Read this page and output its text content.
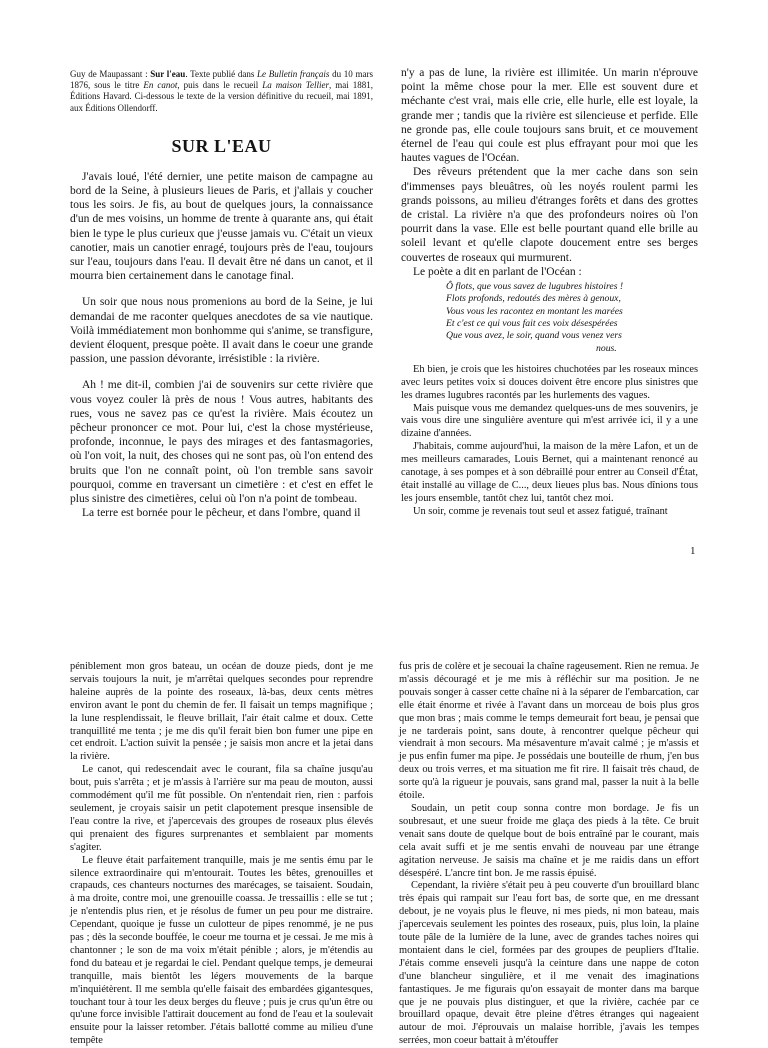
Guy de Maupassant : Sur l'eau. Texte publié dans Le Bulletin français du 10 mars 1876, sous le titre En canot, puis dans le recueil La maison Tellier, mai 1881, Éditions Havard. Ci-dessous le texte de la version définitive du recueil, mai 1891, aux Éditions Ollendorff.

SUR L'EAU

J'avais loué, l'été dernier, une petite maison de campagne au bord de la Seine, à plusieurs lieues de Paris, et j'allais y coucher tous les soirs. Je fis, au bout de quelques jours, la connaissance d'un de mes voisins, un homme de trente à quarante ans, qui était bien le type le plus curieux que j'eusse jamais vu. C'était un vieux canotier, mais un canotier enragé, toujours près de l'eau, toujours sur l'eau, toujours dans l'eau. Il devait être né dans un canot, et il mourra bien certainement dans le canotage final.

Un soir que nous nous promenions au bord de la Seine, je lui demandai de me raconter quelques anecdotes de sa vie nautique. Voilà immédiatement mon bonhomme qui s'anime, se transfigure, devient éloquent, presque poète. Il avait dans le coeur une grande passion, une passion dévorante, irrésistible : la rivière.

Ah ! me dit-il, combien j'ai de souvenirs sur cette rivière que vous voyez couler là près de nous ! Vous autres, habitants des rues, vous ne savez pas ce qu'est la rivière. Mais écoutez un pêcheur prononcer ce mot. Pour lui, c'est la chose mystérieuse, profonde, inconnue, le pays des mirages et des fantasmagories, où l'on voit, la nuit, des choses qui ne sont pas, où l'on entend des bruits que l'on ne connaît point, où l'on tremble sans savoir pourquoi, comme en traversant un cimetière : et c'est en effet le plus sinistre des cimetières, celui où l'on n'a point de tombeau.

La terre est bornée pour le pêcheur, et dans l'ombre, quand il

n'y a pas de lune, la rivière est illimitée. Un marin n'éprouve point la même chose pour la mer. Elle est souvent dure et méchante c'est vrai, mais elle crie, elle hurle, elle est loyale, la grande mer ; tandis que la rivière est silencieuse et perfide. Elle ne gronde pas, elle coule toujours sans bruit, et ce mouvement éternel de l'eau qui coule est plus effrayant pour moi que les hautes vagues de l'Océan.

Des rêveurs prétendent que la mer cache dans son sein d'immenses pays bleuâtres, où les noyés roulent parmi les grands poissons, au milieu d'étranges forêts et dans des grottes de cristal. La rivière n'a que des profondeurs noires où l'on pourrit dans la vase. Elle est belle pourtant quand elle brille au soleil levant et qu'elle clapote doucement entre ses berges couvertes de roseaux qui murmurent.

Le poète a dit en parlant de l'Océan :

Ô flots, que vous savez de lugubres histoires !
Flots profonds, redoutés des mères à genoux,
Vous vous les racontez en montant les marées
Et c'est ce qui vous fait ces voix désespérées
Que vous avez, le soir, quand vous venez vers
nous.

Eh bien, je crois que les histoires chuchotées par les roseaux minces avec leurs petites voix si douces doivent être encore plus sinistres que les drames lugubres racontés par les hurlements des vagues.

Mais puisque vous me demandez quelques-uns de mes souvenirs, je vais vous dire une singulière aventure qui m'est arrivée ici, il y a une dizaine d'années.

J'habitais, comme aujourd'hui, la maison de la mère Lafon, et un de mes meilleurs camarades, Louis Bernet, qui a maintenant renoncé au canotage, à ses pompes et à son débraillé pour entrer au Conseil d'État, était installé au village de C..., deux lieues plus bas. Nous dînions tous les jours ensemble, tantôt chez lui, tantôt chez moi.

Un soir, comme je revenais tout seul et assez fatigué, traînant

1

péniblement mon gros bateau, un océan de douze pieds, dont je me servais toujours la nuit, je m'arrêtai quelques secondes pour reprendre haleine auprès de la pointe des roseaux, là-bas, deux cents mètres environ avant le pont du chemin de fer. Il faisait un temps magnifique ; la lune resplendissait, le fleuve brillait, l'air était calme et doux. Cette tranquillité me tenta ; je me dis qu'il ferait bien bon fumer une pipe en cet endroit. L'action suivit la pensée ; je saisis mon ancre et la jetai dans la rivière.

Le canot, qui redescendait avec le courant, fila sa chaîne jusqu'au bout, puis s'arrêta ; et je m'assis à l'arrière sur ma peau de mouton, aussi commodément qu'il me fût possible. On n'entendait rien, rien : parfois seulement, je croyais saisir un petit clapotement presque insensible de l'eau contre la rive, et j'apercevais des groupes de roseaux plus élevés qui prenaient des figures surprenantes et semblaient par moments s'agiter.

Le fleuve était parfaitement tranquille, mais je me sentis ému par le silence extraordinaire qui m'entourait. Toutes les bêtes, grenouilles et crapauds, ces chanteurs nocturnes des marécages, se taisaient. Soudain, à ma droite, contre moi, une grenouille coassa. Je tressaillis : elle se tut ; je n'entendis plus rien, et je résolus de fumer un peu pour me distraire. Cependant, quoique je fusse un culotteur de pipes renommé, je ne pus pas ; dès la seconde bouffée, le coeur me tourna et je cessai. Je me mis à chantonner ; le son de ma voix m'était pénible ; alors, je m'étendis au fond du bateau et je regardai le ciel. Pendant quelque temps, je demeurai tranquille, mais bientôt les légers mouvements de la barque m'inquiétèrent. Il me sembla qu'elle faisait des embardées gigantesques, touchant tour à tour les deux berges du fleuve ; puis je crus qu'un être ou qu'une force invisible l'attirait doucement au fond de l'eau et la soulevait ensuite pour la laisser retomber. J'étais ballotté comme au milieu d'une tempête

fus pris de colère et je secouai la chaîne rageusement. Rien ne remua. Je m'assis découragé et je me mis à réfléchir sur ma position. Je ne pouvais songer à casser cette chaîne ni à la séparer de l'embarcation, car elle était énorme et rivée à l'avant dans un morceau de bois plus gros que mon bras ; mais comme le temps demeurait fort beau, je pensai que je ne tarderais point, sans doute, à rencontrer quelque pêcheur qui viendrait à mon secours. Ma mésaventure m'avait calmé ; je m'assis et je pus enfin fumer ma pipe. Je possédais une bouteille de rhum, j'en bus deux ou trois verres, et ma situation me fit rire. Il faisait très chaud, de sorte qu'à la rigueur je pouvais, sans grand mal, passer la nuit à la belle étoile.

Soudain, un petit coup sonna contre mon bordage. Je fis un soubresaut, et une sueur froide me glaça des pieds à la tête. Ce bruit venait sans doute de quelque bout de bois entraîné par le courant, mais cela avait suffi et je me sentis envahi de nouveau par une étrange agitation nerveuse. Je saisis ma chaîne et je me raidis dans un effort désespéré. L'ancre tint bon. Je me rassis épuisé.

Cependant, la rivière s'était peu à peu couverte d'un brouillard blanc très épais qui rampait sur l'eau fort bas, de sorte que, en me dressant debout, je ne voyais plus le fleuve, ni mes pieds, ni mon bateau, mais j'apercevais seulement les pointes des roseaux, puis, plus loin, la plaine toute pâle de la lumière de la lune, avec de grandes taches noires qui montaient dans le ciel, formées par des groupes de peupliers d'Italie. J'étais comme enseveli jusqu'à la ceinture dans une nappe de coton d'une blancheur singulière, et il me venait des imaginations fantastiques. Je me figurais qu'on essayait de monter dans ma barque que je ne pouvais plus distinguer, et que la rivière, cachée par ce brouillard opaque, devait être pleine d'êtres étranges qui nageaient autour de moi. J'éprouvais un malaise horrible, j'avais les tempes serrées, mon coeur battait à m'étouffer
